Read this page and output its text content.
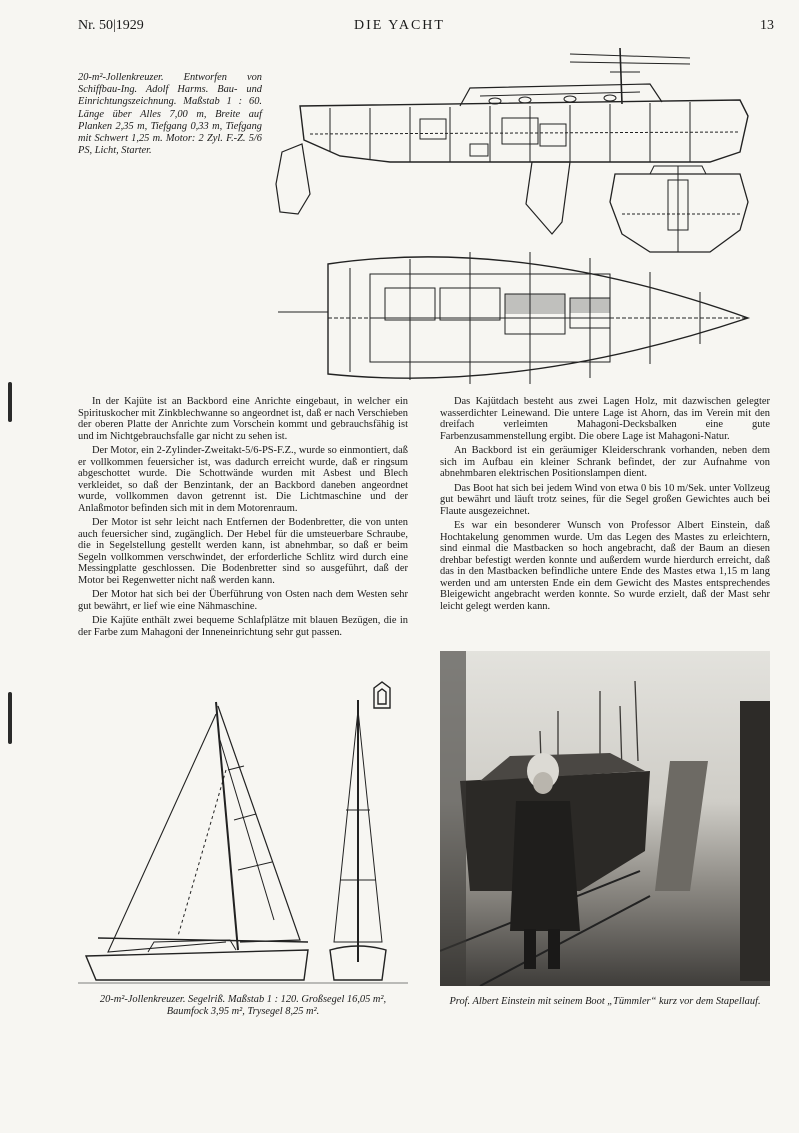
DIE YACHT
Nr. 50|1929	13
20-m²-Jollenkreuzer. Entworfen von Schiffbau-Ing. Adolf Harms. Bau- und Einrichtungszeichnung. Maßstab 1 : 60. Länge über Alles 7,00 m, Breite auf Planken 2,35 m, Tiefgang 0,33 m, Tiefgang mit Schwert 1,25 m. Motor: 2 Zyl. F.-Z. 5/6 PS, Licht, Starter.

In der Kajüte ist an Backbord eine Anrichte eingebaut, in welcher ein Spirituskocher mit Zinkblechwanne so angeordnet ist, daß er nach Verschieben der oberen Platte der Anrichte zum Vorschein kommt und gebrauchsfähig ist und im Nichtgebrauchsfalle gar nicht zu sehen ist.

Der Motor, ein 2-Zylinder-Zweitakt-5/6-PS-F.Z., wurde so einmontiert, daß er vollkommen feuersicher ist, was dadurch erreicht wurde, daß er ringsum abgeschottet wurde. Die Schottwände wurden mit Asbest und Blech verkleidet, so daß der Benzintank, der an Backbord daneben angeordnet wurde, vollkommen davon getrennt ist. Die Lichtmaschine und der Anlaßmotor befinden sich mit in dem Motorenraum.

Der Motor ist sehr leicht nach Entfernen der Bodenbretter, die von unten auch feuersicher sind, zugänglich. Der Hebel für die umsteuerbare Schraube, die in Segelstellung gestellt werden kann, ist abnehmbar, so daß er beim Segeln vollkommen verschwindet, der erforderliche Schlitz wird durch eine Messingplatte geschlossen. Die Bodenbretter sind so ausgeführt, daß der Motor bei Regenwetter nicht naß werden kann.

Der Motor hat sich bei der Überführung von Osten nach dem Westen sehr gut bewährt, er lief wie eine Nähmaschine.

Die Kajüte enthält zwei bequeme Schlafplätze mit blauen Bezügen, die in der Farbe zum Mahagoni der Inneneinrichtung sehr gut passen.

Das Kajütdach besteht aus zwei Lagen Holz, mit dazwischen gelegter wasserdichter Leinewand. Die untere Lage ist Ahorn, das im Verein mit den dreifach verleimten Mahagoni-Decksbalken eine gute Farbenzusammenstellung ergibt. Die obere Lage ist Mahagoni-Natur.

An Backbord ist ein geräumiger Kleiderschrank vorhanden, neben dem sich im Aufbau ein kleiner Schrank befindet, der zur Aufnahme von abnehmbaren elektrischen Positionslampen dient.

Das Boot hat sich bei jedem Wind von etwa 0 bis 10 m/Sek. unter Vollzeug gut bewährt und läuft trotz seines, für die Segel großen Gewichtes auch bei Flaute ausgezeichnet.

Es war ein besonderer Wunsch von Professor Albert Einstein, daß Hochtakelung genommen wurde. Um das Legen des Mastes zu erleichtern, sind einmal die Mastbacken so hoch angebracht, daß der Baum an diesen drehbar befestigt werden konnte und außerdem wurde hierdurch erreicht, daß das in den Mastbacken befindliche untere Ende des Mastes etwa 1,15 m lang werden und am untersten Ende ein dem Gewicht des Mastes entsprechendes Bleigewicht angebracht werden konnte. So wurde erzielt, daß der Mast sehr leicht gelegt werden kann.

20-m²-Jollenkreuzer. Segelriß. Maßstab 1 : 120. Großsegel 16,05 m², Baumfock 3,95 m², Trysegel 8,25 m².
Prof. Albert Einstein mit seinem Boot „Tümmler“ kurz vor dem Stapellauf.
